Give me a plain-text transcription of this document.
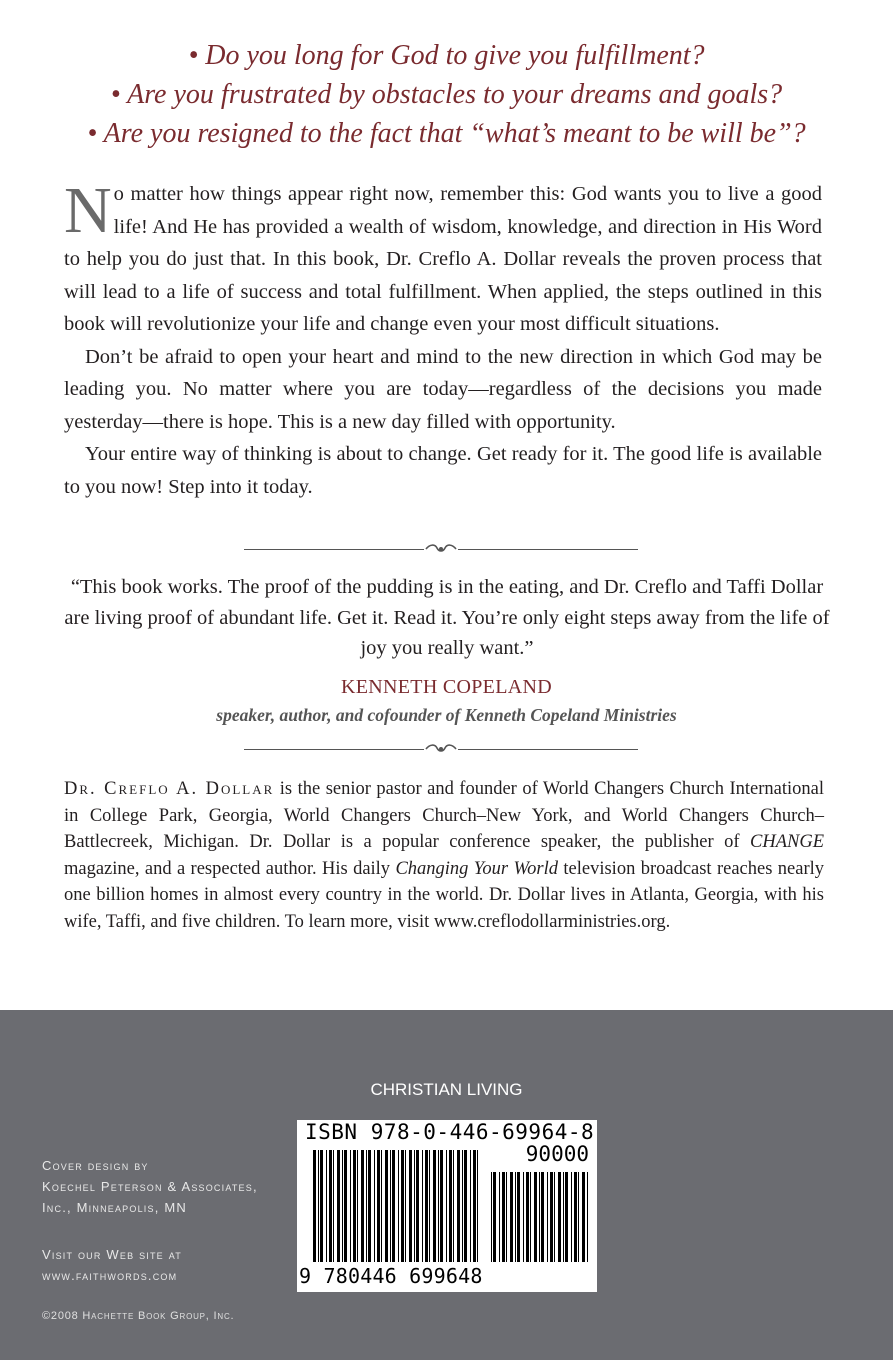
• Do you long for God to give you fulfillment?
• Are you frustrated by obstacles to your dreams and goals?
• Are you resigned to the fact that “what’s meant to be will be”?

No matter how things appear right now, remember this: God wants you to live a good life! And He has provided a wealth of wisdom, knowledge, and direction in His Word to help you do just that. In this book, Dr. Creflo A. Dollar reveals the proven process that will lead to a life of success and total fulfillment. When applied, the steps outlined in this book will revolutionize your life and change even your most difficult situations.

Don’t be afraid to open your heart and mind to the new direction in which God may be leading you. No matter where you are today—regardless of the decisions you made yesterday—there is hope. This is a new day filled with opportunity.

Your entire way of thinking is about to change. Get ready for it. The good life is available to you now! Step into it today.

“This book works. The proof of the pudding is in the eating, and Dr. Creflo and Taffi Dollar are living proof of abundant life. Get it. Read it. You’re only eight steps away from the life of joy you really want.”
KENNETH COPELAND
speaker, author, and cofounder of Kenneth Copeland Ministries
Dr. Creflo A. Dollar is the senior pastor and founder of World Changers Church International in College Park, Georgia, World Changers Church–New York, and World Changers Church–Battlecreek, Michigan. Dr. Dollar is a popular conference speaker, the publisher of CHANGE magazine, and a respected author. His daily Changing Your World television broadcast reaches nearly one billion homes in almost every country in the world. Dr. Dollar lives in Atlanta, Georgia, with his wife, Taffi, and five children. To learn more, visit www.creflodollarministries.org.
CHRISTIAN LIVING
Cover design by
Koechel Peterson & Associates,
Inc., Minneapolis, MN
Visit our Web site at
www.faithwords.com
ISBN 978-0-446-69964-8
90000
9 780446 699648
©2008 Hachette Book Group, Inc.
